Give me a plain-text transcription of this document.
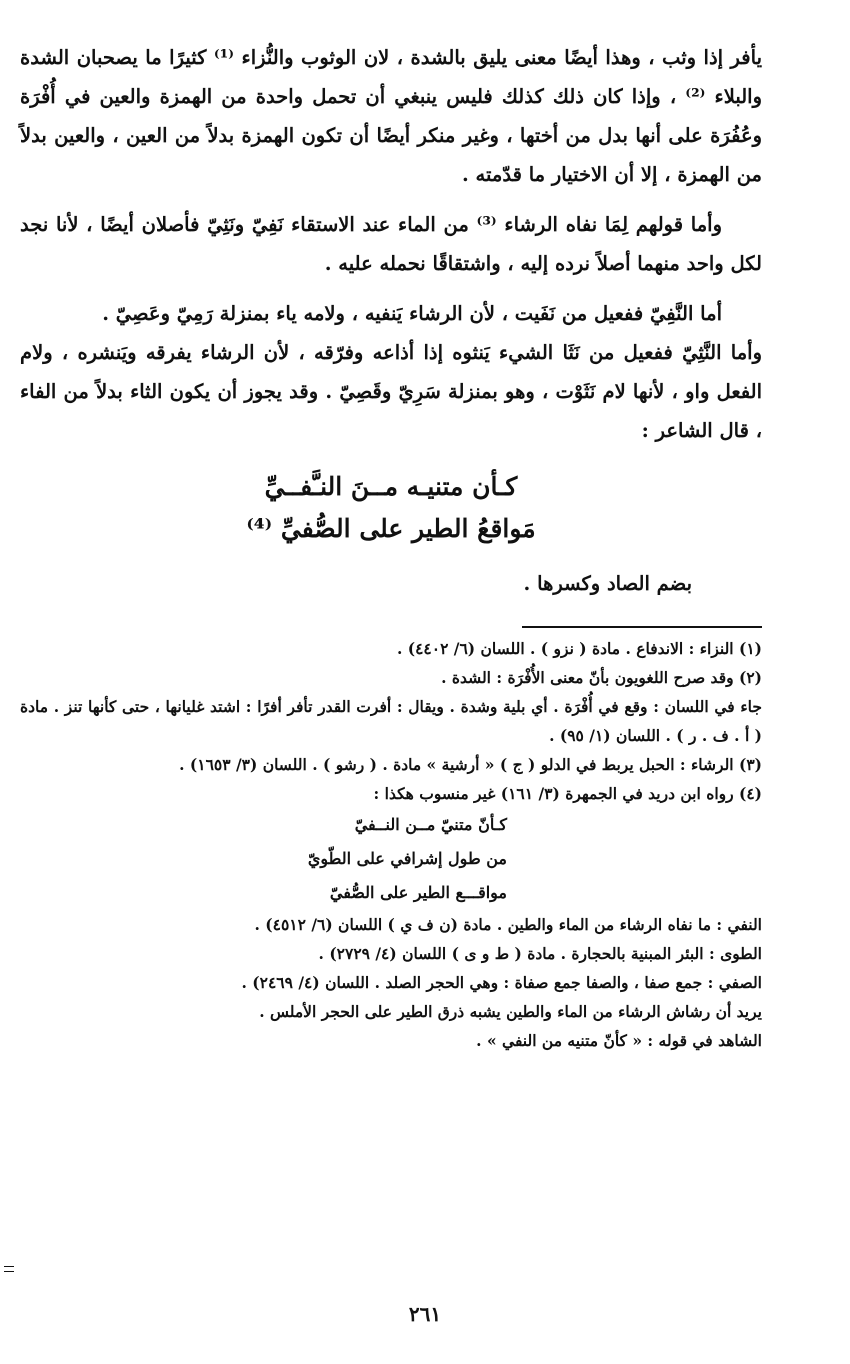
يأفر إذا وثب ، وهذا أيضًا معنى يليق بالشدة ، لان الوثوب والنُّزاء ⁽¹⁾ كثيرًا ما يصحبان الشدة والبلاء ⁽²⁾ ، وإذا كان ذلك كذلك فليس ينبغي أن تحمل واحدة من الهمزة والعين في أُفْرَة وعُفُرَة على أنها بدل من أختها ، وغير منكر أيضًا أن تكون الهمزة بدلاً من العين ، والعين بدلاً من الهمزة ، إلا أن الاختيار ما قدّمته .

وأما قولهم لِمَا نفاه الرشاء ⁽³⁾ من الماء عند الاستقاء نَفِيّ ونَثِيّ فأصلان أيضًا ، لأنا نجد لكل واحد منهما أصلاً نرده إليه ، واشتقاقًا نحمله عليه .

أما النَّفِيّ ففعيل من نَفَيت ، لأن الرشاء يَنفيه ، ولامه ياء بمنزلة رَمِيّ وعَصِيّ .

وأما النَّثِيّ ففعيل من نَثَا الشيء يَنثوه إذا أذاعه وفرّقه ، لأن الرشاء يفرقه ويَنشره ، ولام الفعل واو ، لأنها لام نَثَوْت ، وهو بمنزلة سَرِيّ وقَصِيّ . وقد يجوز أن يكون الثاء بدلاً من الفاء ، قال الشاعر :

كـأن متنيـه مــنَ النـَّفــيِّ
مَواقعُ الطير على الصُّفيِّ ⁽⁴⁾
بضم الصاد وكسرها .

(١) النزاء : الاندفاع . مادة ( نزو ) . اللسان (٦/ ٤٤٠٢) .

(٢) وقد صرح اللغويون بأنّ معنى الأُفْرَة : الشدة .

جاء في اللسان : وقع في أُفْرَة . أي بلية وشدة . ويقال : أفرت القدر تأفر أفرًا : اشتد غليانها ، حتى كأنها تنز . مادة ( أ . ف . ر ) . اللسان (١/ ٩٥) .

(٣) الرشاء : الحبل يربط في الدلو ( ج ) « أرشية » مادة . ( رشو ) . اللسان (٣/ ١٦٥٣) .

(٤) رواه ابن دريد في الجمهرة (٣/ ١٦١) غير منسوب هكذا :

كـأنّ متنيّ مــن النــفيّ
من طول إشرافي على الطّويّ
مواقـــع الطير على الصُّفيّ

النفي : ما نفاه الرشاء من الماء والطين . مادة (ن ف ي ) اللسان (٦/ ٤٥١٢) .

الطوى : البئر المبنية بالحجارة . مادة ( ط و ى ) اللسان (٤/ ٢٧٢٩) .

الصفي : جمع صفا ، والصفا جمع صفاة : وهي الحجر الصلد . اللسان (٤/ ٢٤٦٩) .

يريد أن رشاش الرشاء من الماء والطين يشبه ذرق الطير على الحجر الأملس .

الشاهد في قوله : « كأنّ متنيه من النفي » .

٢٦١
